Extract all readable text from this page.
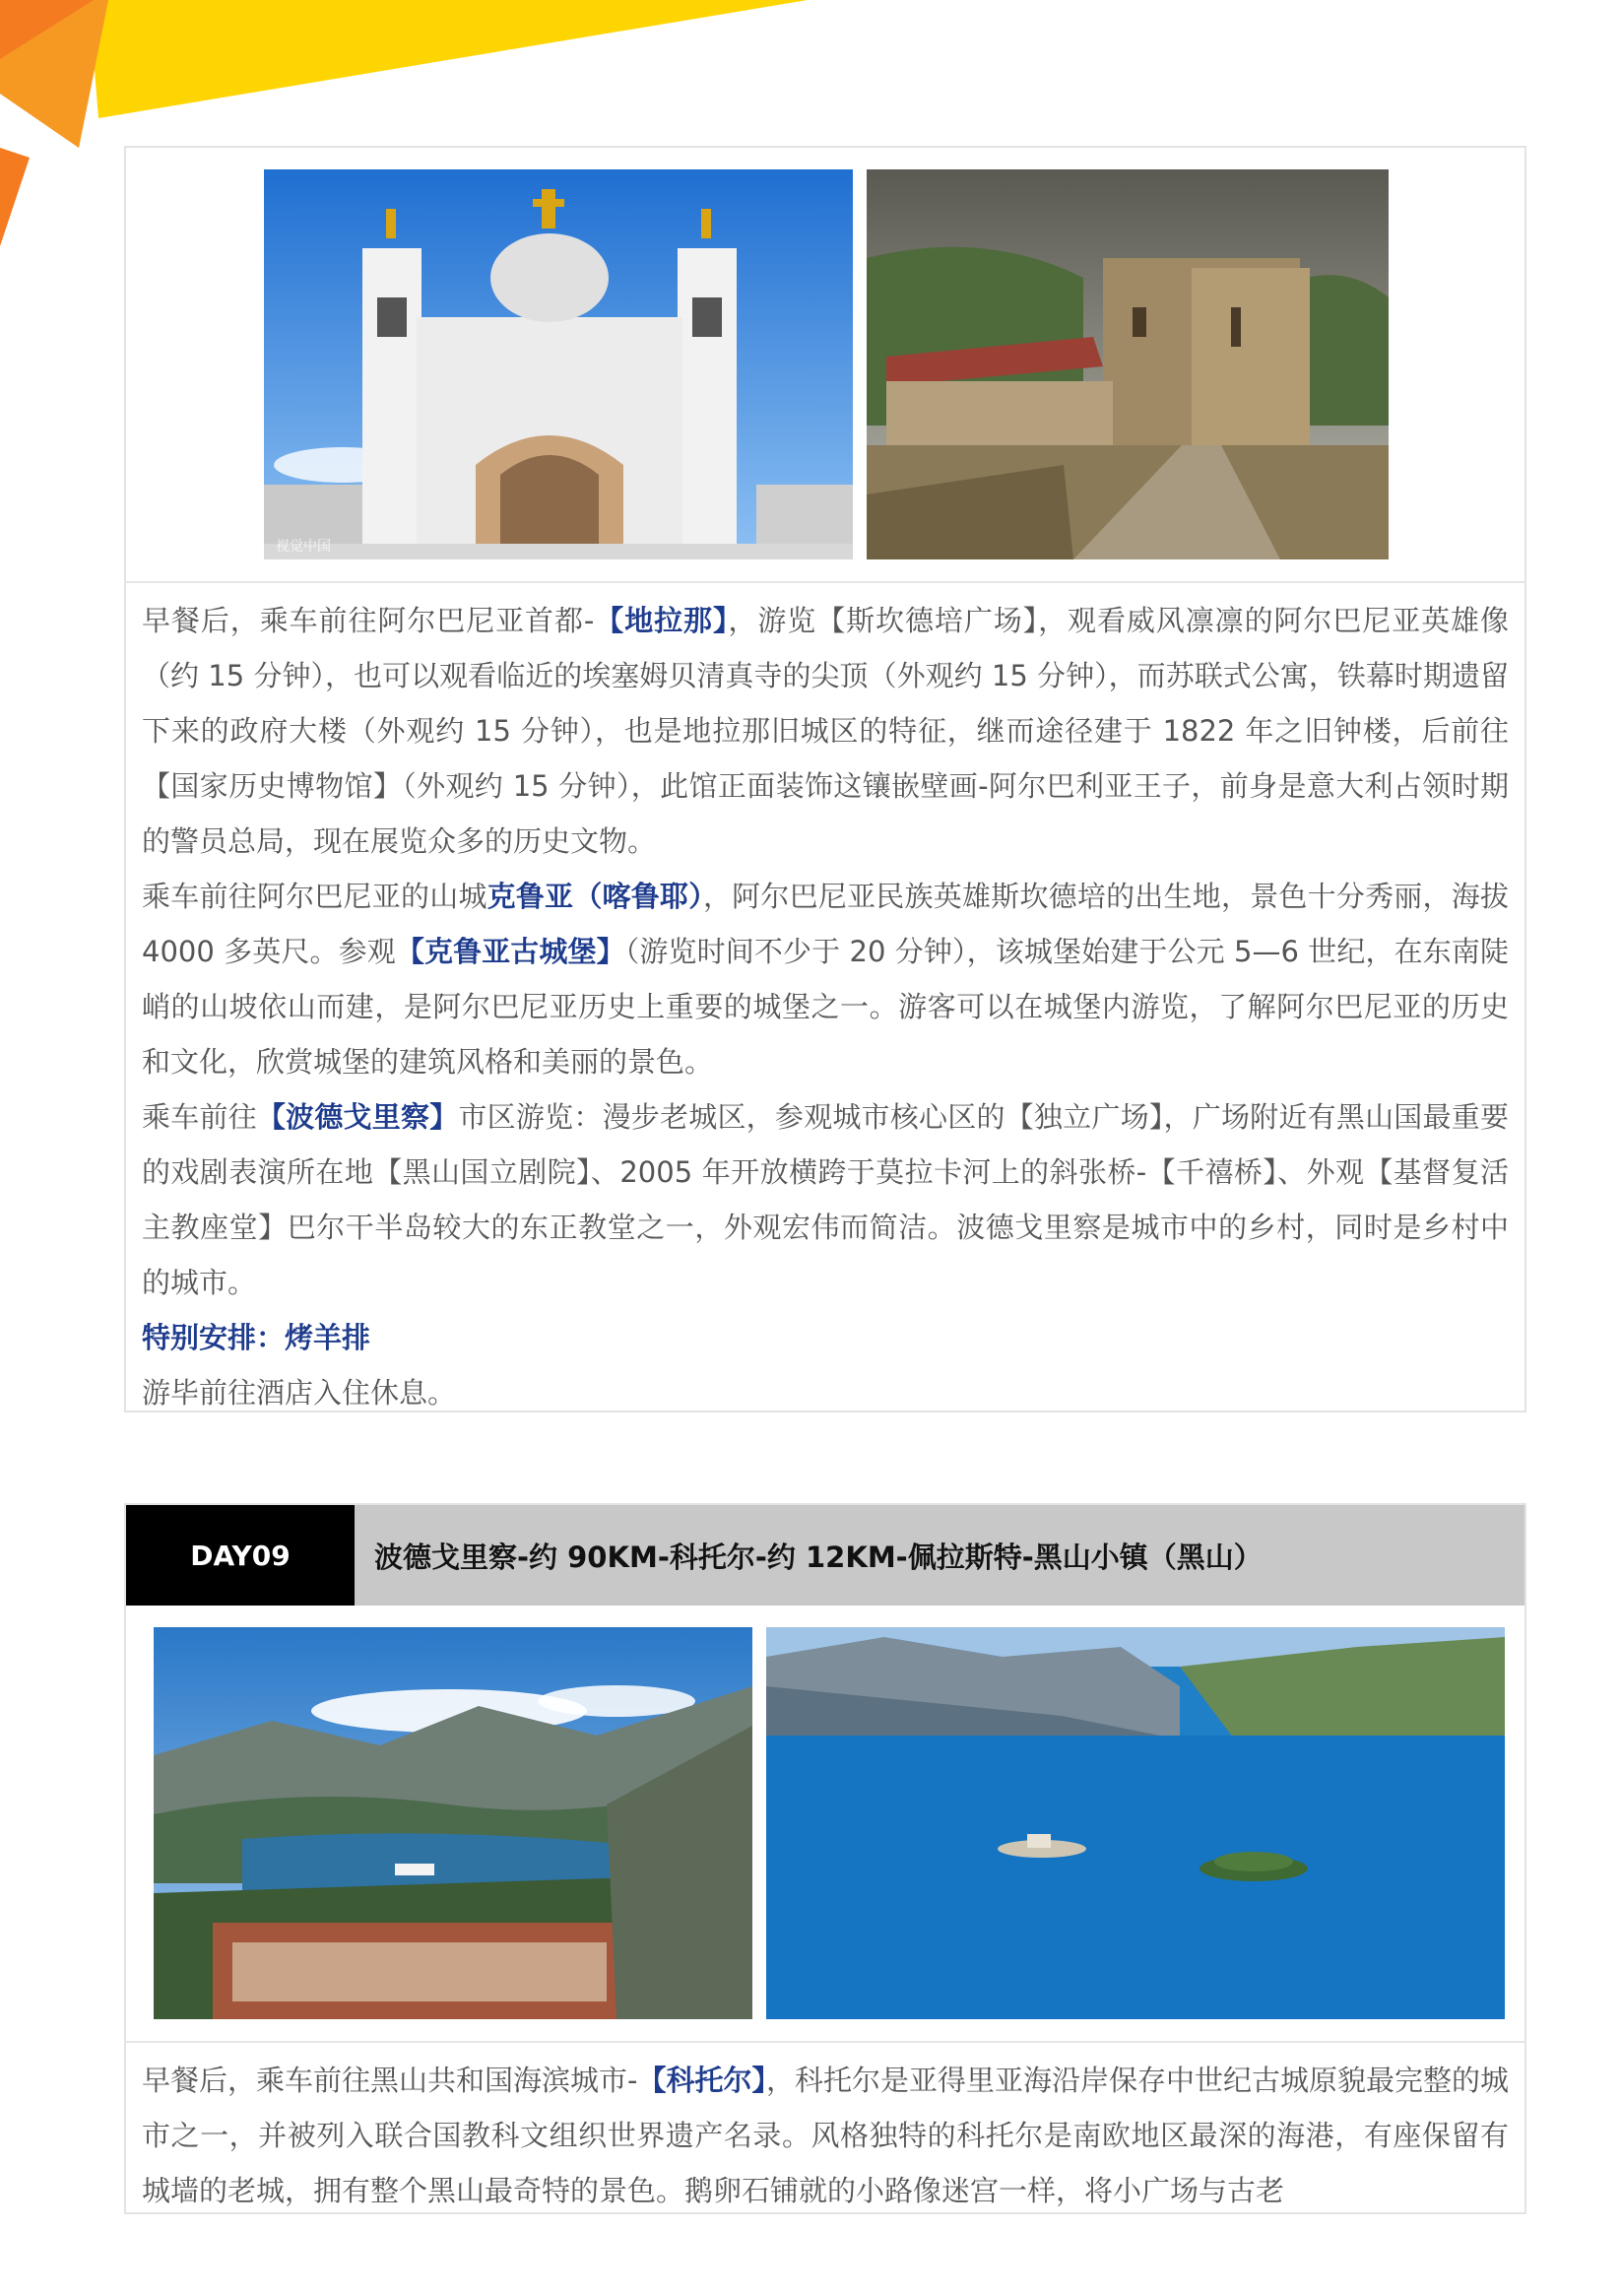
视觉中国

早餐后，乘车前往阿尔巴尼亚首都-【地拉那】，游览【斯坎德培广场】，观看威风凛凛的阿尔巴尼亚英雄像（约 15 分钟），也可以观看临近的埃塞姆贝清真寺的尖顶（外观约 15 分钟），而苏联式公寓，铁幕时期遗留下来的政府大楼（外观约 15 分钟），也是地拉那旧城区的特征，继而途径建于 1822 年之旧钟楼，后前往【国家历史博物馆】（外观约 15 分钟），此馆正面装饰这镶嵌壁画-阿尔巴利亚王子，前身是意大利占领时期的警员总局，现在展览众多的历史文物。

乘车前往阿尔巴尼亚的山城克鲁亚（喀鲁耶），阿尔巴尼亚民族英雄斯坎德培的出生地，景色十分秀丽，海拔 4000 多英尺。参观【克鲁亚古城堡】（游览时间不少于 20 分钟），该城堡始建于公元 5—6 世纪，在东南陡峭的山坡依山而建，是阿尔巴尼亚历史上重要的城堡之一。游客可以在城堡内游览，了解阿尔巴尼亚的历史和文化，欣赏城堡的建筑风格和美丽的景色。

乘车前往【波德戈里察】市区游览：漫步老城区，参观城市核心区的【独立广场】，广场附近有黑山国最重要的戏剧表演所在地【黑山国立剧院】、2005 年开放横跨于莫拉卡河上的斜张桥-【千禧桥】、外观【基督复活主教座堂】巴尔干半岛较大的东正教堂之一，外观宏伟而简洁。波德戈里察是城市中的乡村，同时是乡村中的城市。

特别安排：烤羊排

游毕前往酒店入住休息。

DAY09	波德戈里察-约 90KM-科托尔-约 12KM-佩拉斯特-黑山小镇（黑山）

早餐后，乘车前往黑山共和国海滨城市-【科托尔】，科托尔是亚得里亚海沿岸保存中世纪古城原貌最完整的城市之一，并被列入联合国教科文组织世界遗产名录。风格独特的科托尔是南欧地区最深的海港，有座保留有城墙的老城，拥有整个黑山最奇特的景色。鹅卵石铺就的小路像迷宫一样，将小广场与古老
